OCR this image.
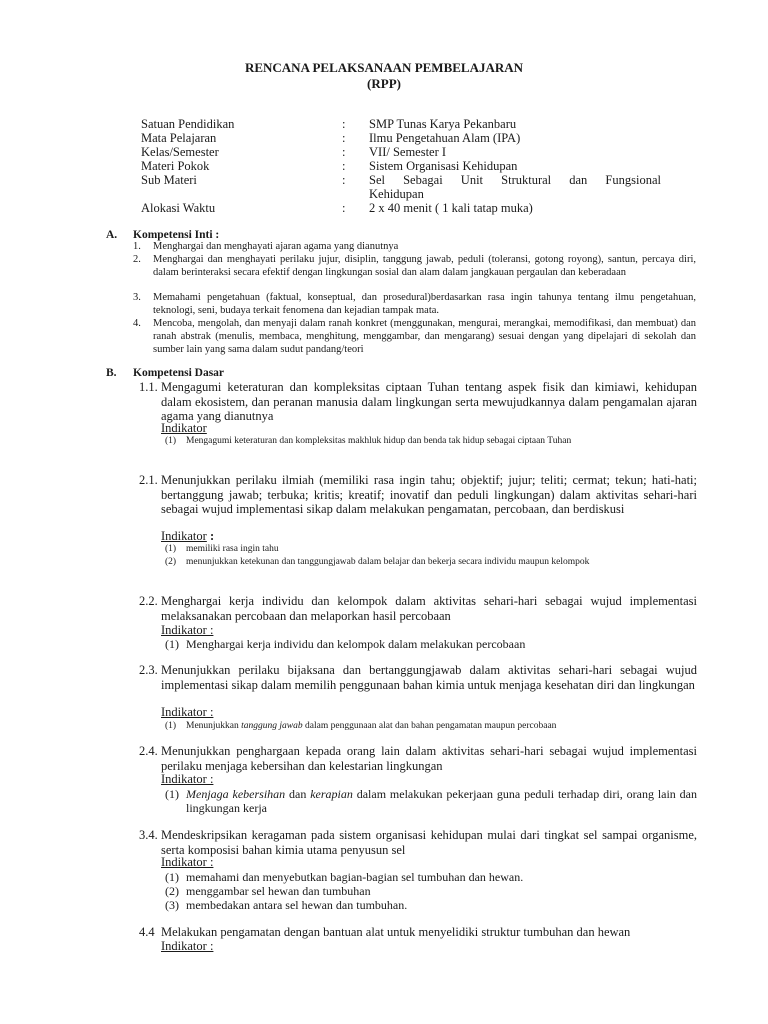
RENCANA PELAKSANAAN PEMBELAJARAN
(RPP)
Satuan Pendidikan	: SMP Tunas Karya Pekanbaru
Mata Pelajaran	: Ilmu Pengetahuan Alam (IPA)
Kelas/Semester	: VII/ Semester I
Materi Pokok	: Sistem Organisasi Kehidupan
Sub Materi	: Sel Sebagai Unit Struktural dan Fungsional
Kehidupan
Alokasi Waktu	: 2 x 40 menit ( 1 kali tatap muka)
A. Kompetensi Inti :
1. Menghargai dan menghayati ajaran agama yang dianutnya
2. Menghargai dan menghayati perilaku jujur, disiplin, tanggung jawab, peduli (toleransi, gotong royong), santun, percaya diri, dalam berinteraksi secara efektif dengan lingkungan sosial dan alam dalam jangkauan pergaulan dan keberadaan
3. Memahami pengetahuan (faktual, konseptual, dan prosedural)berdasarkan rasa ingin tahunya tentang ilmu pengetahuan, teknologi, seni, budaya terkait fenomena dan kejadian tampak mata.
4. Mencoba, mengolah, dan menyaji dalam ranah konkret (menggunakan, mengurai, merangkai, memodifikasi, dan membuat) dan ranah abstrak (menulis, membaca, menghitung, menggambar, dan mengarang) sesuai dengan yang dipelajari di sekolah dan sumber lain yang sama dalam sudut pandang/teori
B. Kompetensi Dasar
1.1. Mengagumi keteraturan dan kompleksitas ciptaan Tuhan tentang aspek fisik dan kimiawi, kehidupan dalam ekosistem, dan peranan manusia dalam lingkungan serta mewujudkannya dalam pengamalan ajaran agama yang dianutnya
Indikator
(1) Mengagumi keteraturan dan kompleksitas makhluk hidup dan benda tak hidup sebagai ciptaan Tuhan
2.1. Menunjukkan perilaku ilmiah (memiliki rasa ingin tahu; objektif; jujur; teliti; cermat; tekun; hati-hati; bertanggung jawab; terbuka; kritis; kreatif; inovatif dan peduli lingkungan) dalam aktivitas sehari-hari sebagai wujud implementasi sikap dalam melakukan pengamatan, percobaan, dan berdiskusi
Indikator :
(1) memiliki rasa ingin tahu
(2) menunjukkan ketekunan dan tanggungjawab dalam belajar dan bekerja secara individu maupun kelompok
2.2. Menghargai kerja individu dan kelompok dalam aktivitas sehari-hari sebagai wujud implementasi melaksanakan percobaan dan melaporkan hasil percobaan
Indikator :
(1) Menghargai kerja individu dan kelompok dalam melakukan percobaan
2.3. Menunjukkan perilaku bijaksana dan bertanggungjawab dalam aktivitas sehari-hari sebagai wujud implementasi sikap dalam memilih penggunaan bahan kimia untuk menjaga kesehatan diri dan lingkungan
Indikator :
(1) Menunjukkan tanggung jawab dalam penggunaan alat dan bahan pengamatan maupun percobaan
2.4. Menunjukkan penghargaan kepada orang lain dalam aktivitas sehari-hari sebagai wujud implementasi perilaku menjaga kebersihan dan kelestarian lingkungan
Indikator :
(1) Menjaga kebersihan dan kerapian dalam melakukan pekerjaan guna peduli terhadap diri, orang lain dan lingkungan kerja
3.4. Mendeskripsikan keragaman pada sistem organisasi kehidupan mulai dari tingkat sel sampai organisme, serta komposisi bahan kimia utama penyusun sel
Indikator :
(1) memahami dan menyebutkan bagian-bagian sel tumbuhan dan hewan.
(2) menggambar sel hewan dan tumbuhan
(3) membedakan antara sel hewan dan tumbuhan.
4.4 Melakukan pengamatan dengan bantuan alat untuk menyelidiki struktur tumbuhan dan hewan
Indikator :
